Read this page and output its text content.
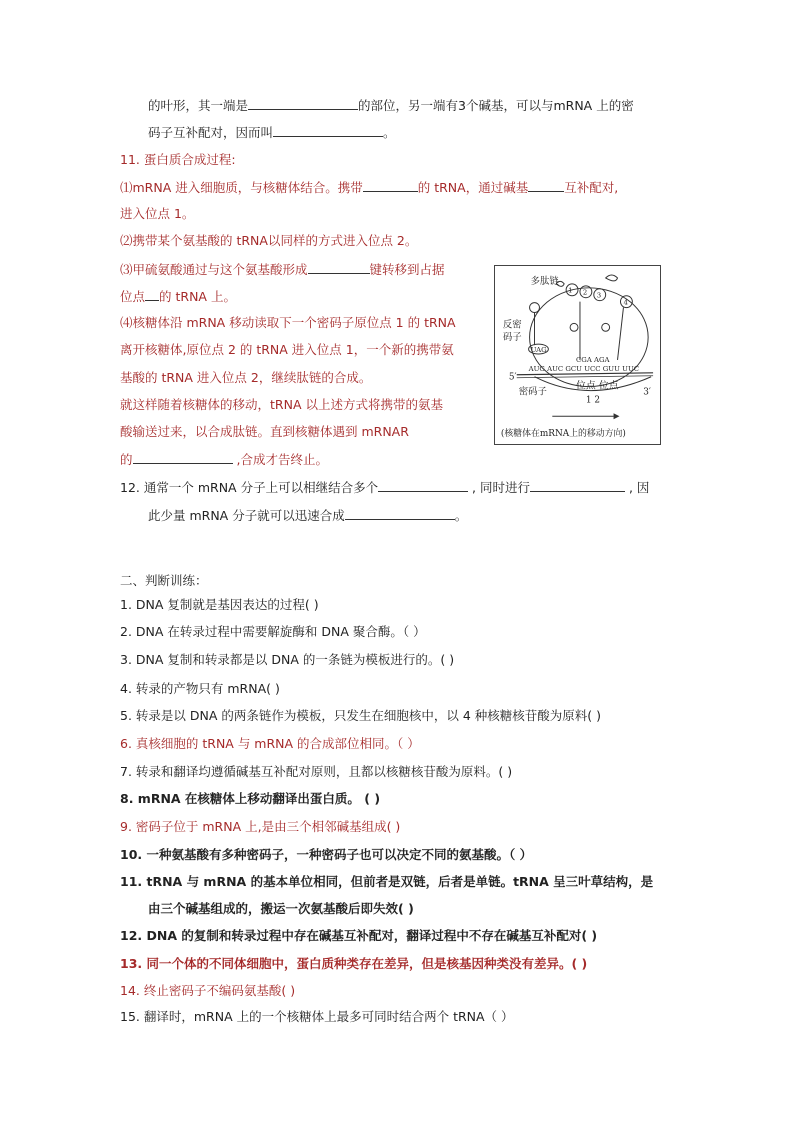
的叶形，其一端是	的部位，另一端有3个碱基，可以与mRNA 上的密
码子互补配对，因而叫	。
11. 蛋白质合成过程:
⑴mRNA 进入细胞质，与核糖体结合。携带	的 tRNA，通过碱基	互补配对,
进入位点 1。
⑵携带某个氨基酸的 tRNA以同样的方式进入位点 2。
⑶甲硫氨酸通过与这个氨基酸形成	键转移到占据
位点 的 tRNA 上。
⑷核糖体沿 mRNA 移动读取下一个密码子原位点 1 的 tRNA
离开核糖体,原位点 2 的 tRNA 进入位点 1，一个新的携带氨
基酸的 tRNA 进入位点 2，继续肽链的合成。
就这样随着核糖体的移动，tRNA 以上述方式将携带的氨基
酸输送过来，以合成肽链。直到核糖体遇到 mRNAR
的	,合成才告终止。
12. 通常一个 mRNA 分子上可以相继结合多个	, 同时进行	, 因
此少量 mRNA 分子就可以迅速合成	。
多肽链
1 2 3
4
反密
码子
UAG
CGA AGA
5′
AUG AUC GCU UCC GUU UUC
3′
密码子
位点 位点
1 2
(核糖体在mRNA上的移动方向)
二、判断训练：
1. DNA 复制就是基因表达的过程( )
2. DNA 在转录过程中需要解旋酶和 DNA 聚合酶。（ ）
3. DNA 复制和转录都是以 DNA 的一条链为模板进行的。( )
4. 转录的产物只有 mRNA( )
5. 转录是以 DNA 的两条链作为模板，只发生在细胞核中，以 4 种核糖核苷酸为原料( )
6. 真核细胞的 tRNA 与 mRNA 的合成部位相同。（ ）
7. 转录和翻译均遵循碱基互补配对原则，且都以核糖核苷酸为原料。( )
8. mRNA 在核糖体上移动翻译出蛋白质。 ( )
9. 密码子位于 mRNA 上,是由三个相邻碱基组成( )
10. 一种氨基酸有多种密码子，一种密码子也可以决定不同的氨基酸。（ ）
11. tRNA 与 mRNA 的基本单位相同，但前者是双链，后者是单链。tRNA 呈三叶草结构，是
由三个碱基组成的，搬运一次氨基酸后即失效( )
12. DNA 的复制和转录过程中存在碱基互补配对，翻译过程中不存在碱基互补配对( )
13. 同一个体的不同体细胞中，蛋白质种类存在差异，但是核基因种类没有差异。( )
14. 终止密码子不编码氨基酸( )
15. 翻译时，mRNA 上的一个核糖体上最多可同时结合两个 tRNA（ ）
